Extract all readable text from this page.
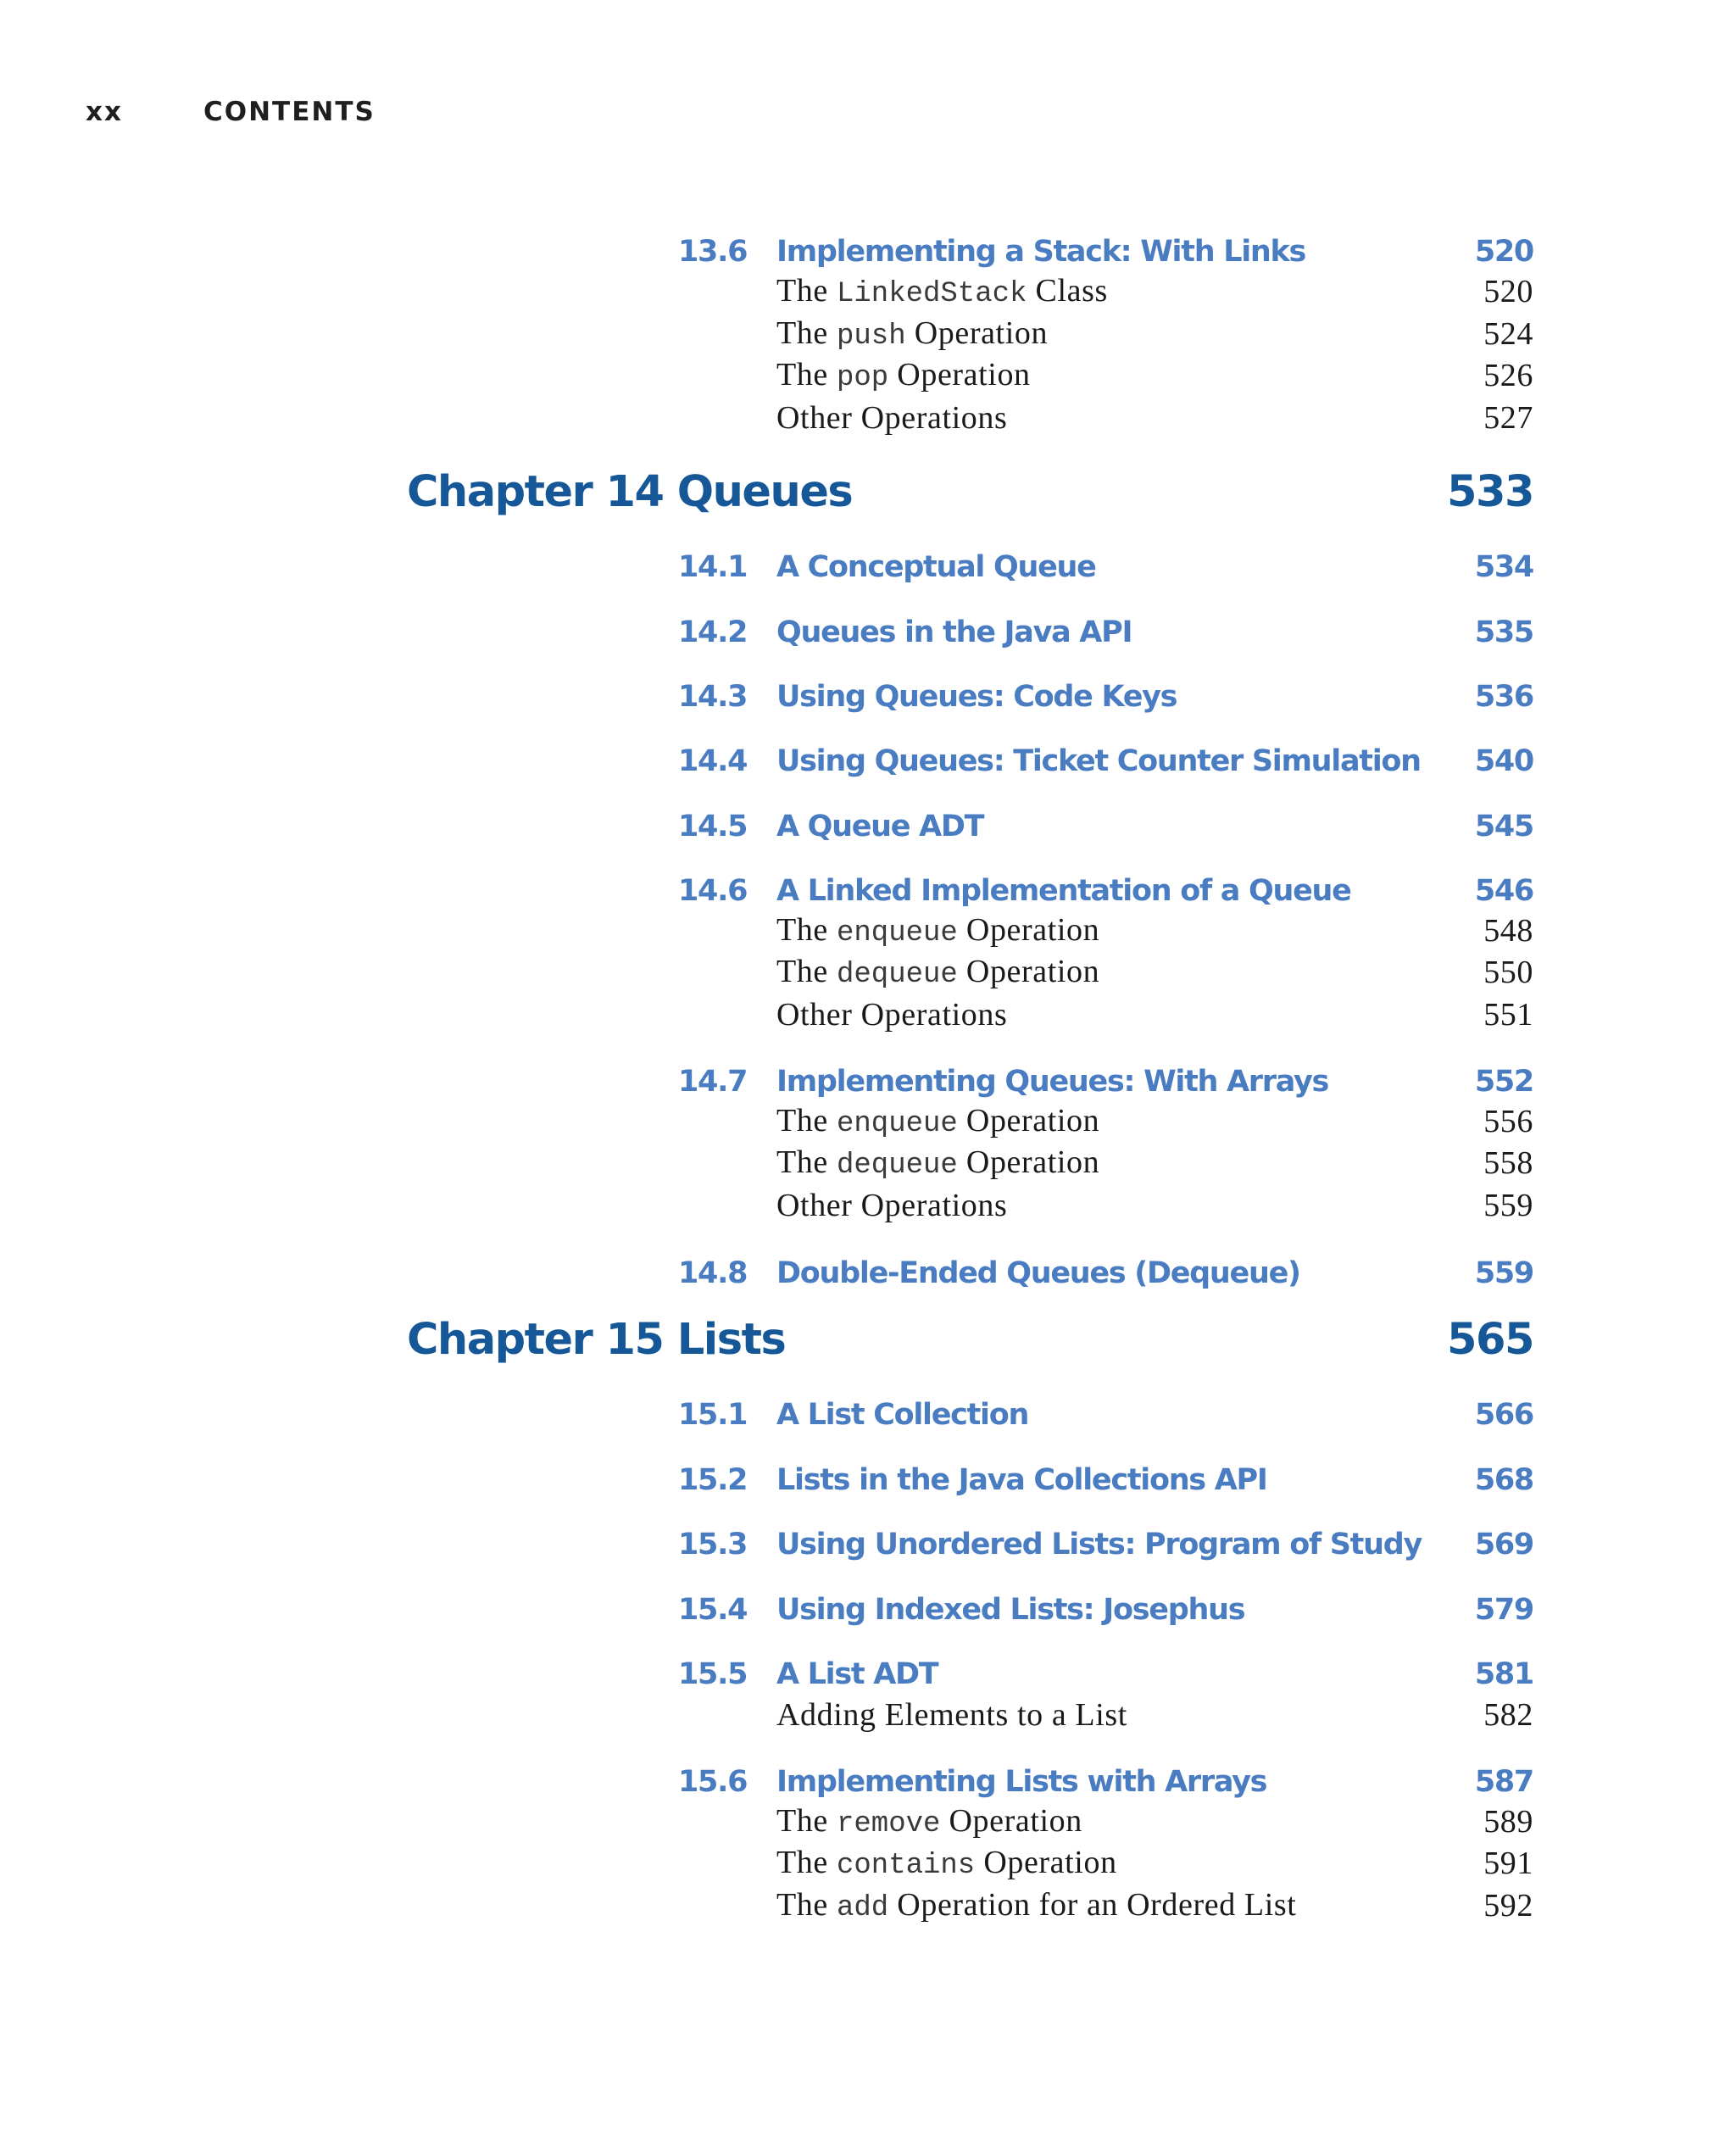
xx	CONTENTS
13.6 Implementing a Stack: With Links	520
The LinkedStack Class	520
The push Operation	524
The pop Operation	526
Other Operations	527
Chapter 14 Queues	533
14.1 A Conceptual Queue	534
14.2 Queues in the Java API	535
14.3 Using Queues: Code Keys	536
14.4 Using Queues: Ticket Counter Simulation 540
14.5 A Queue ADT	545
14.6 A Linked Implementation of a Queue	546
The enqueue Operation	548
The dequeue Operation	550
Other Operations	551
14.7 Implementing Queues: With Arrays	552
The enqueue Operation	556
The dequeue Operation	558
Other Operations	559
14.8 Double-Ended Queues (Dequeue)	559
Chapter 15 Lists	565
15.1 A List Collection	566
15.2 Lists in the Java Collections API	568
15.3 Using Unordered Lists: Program of Study 569
15.4 Using Indexed Lists: Josephus	579
15.5 A List ADT	581
Adding Elements to a List	582
15.6 Implementing Lists with Arrays	587
The remove Operation	589
The contains Operation	591
The add Operation for an Ordered List	592
